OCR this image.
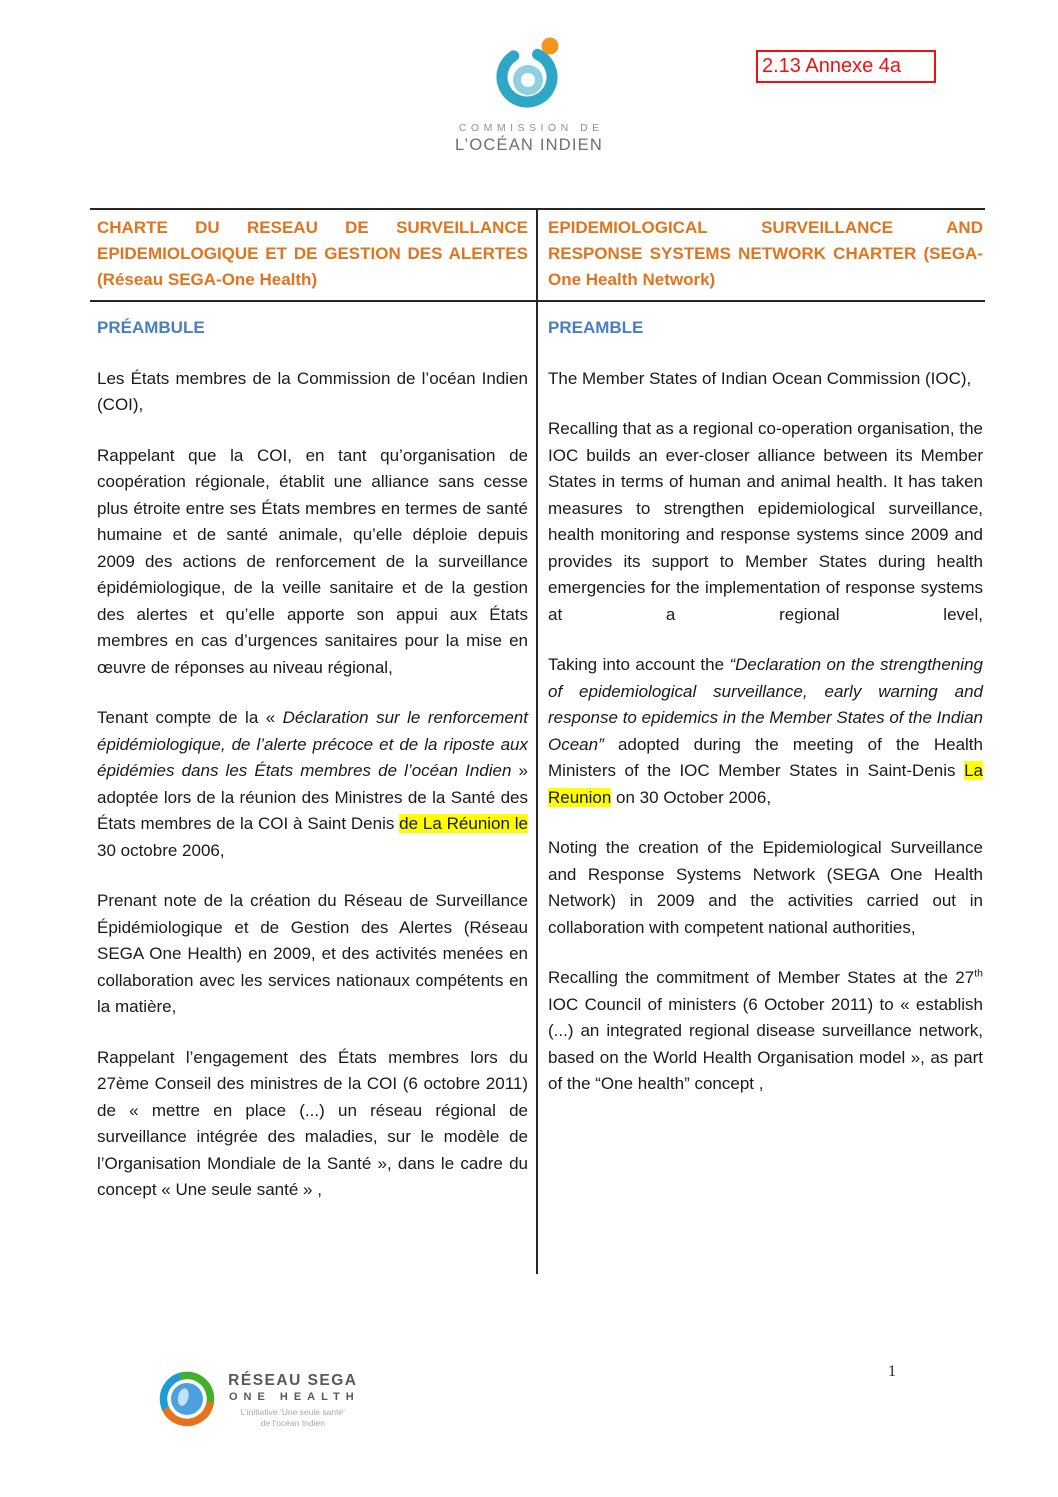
COMMISSION DE
L’OCÉAN INDIEN
2.13 Annexe 4a
CHARTE DU RESEAU DE SURVEILLANCE EPIDEMIOLOGIQUE ET DE GESTION DES ALERTES (Réseau SEGA-One Health)
EPIDEMIOLOGICAL SURVEILLANCE AND RESPONSE SYSTEMS NETWORK CHARTER (SEGA-One Health Network)
PRÉAMBULE

Les États membres de la Commission de l’océan Indien (COI),

Rappelant que la COI, en tant qu’organisation de coopération régionale, établit une alliance sans cesse plus étroite entre ses États membres en termes de santé humaine et de santé animale, qu’elle déploie depuis 2009 des actions de renforcement de la surveillance épidémiologique, de la veille sanitaire et de la gestion des alertes et qu’elle apporte son appui aux États membres en cas d’urgences sanitaires pour la mise en œuvre de réponses au niveau régional,

Tenant compte de la « Déclaration sur le renforcement épidémiologique, de l’alerte précoce et de la riposte aux épidémies dans les États membres de l’océan Indien » adoptée lors de la réunion des Ministres de la Santé des États membres de la COI à Saint Denis de La Réunion le 30 octobre 2006,

Prenant note de la création du Réseau de Surveillance Épidémiologique et de Gestion des Alertes (Réseau SEGA One Health) en 2009, et des activités menées en collaboration avec les services nationaux compétents en la matière,

Rappelant l’engagement des États membres lors du 27ème Conseil des ministres de la COI (6 octobre 2011) de « mettre en place (...) un réseau régional de surveillance intégrée des maladies, sur le modèle de l’Organisation Mondiale de la Santé », dans le cadre du concept « Une seule santé » ,

PREAMBLE

The Member States of Indian Ocean Commission (IOC),

Recalling that as a regional co-operation organisation, the IOC builds an ever-closer alliance between its Member States in terms of human and animal health. It has taken measures to strengthen epidemiological surveillance, health monitoring and response systems since 2009 and provides its support to Member States during health emergencies for the implementation of response systems at a regional level,

Taking into account the “Declaration on the strengthening of epidemiological surveillance, early warning and response to epidemics in the Member States of the Indian Ocean” adopted during the meeting of the Health Ministers of the IOC Member States in Saint-Denis La Reunion on 30 October 2006,

Noting the creation of the Epidemiological Surveillance and Response Systems Network (SEGA One Health Network) in 2009 and the activities carried out in collaboration with competent national authorities,

Recalling the commitment of Member States at the 27th IOC Council of ministers (6 October 2011) to « establish (...) an integrated regional disease surveillance network, based on the World Health Organisation model », as part of the “One health” concept ,

RÉSEAU SEGA
ONE HEALTH
L’initiative ‘Une seule santé’
de l’océan Indien
1
